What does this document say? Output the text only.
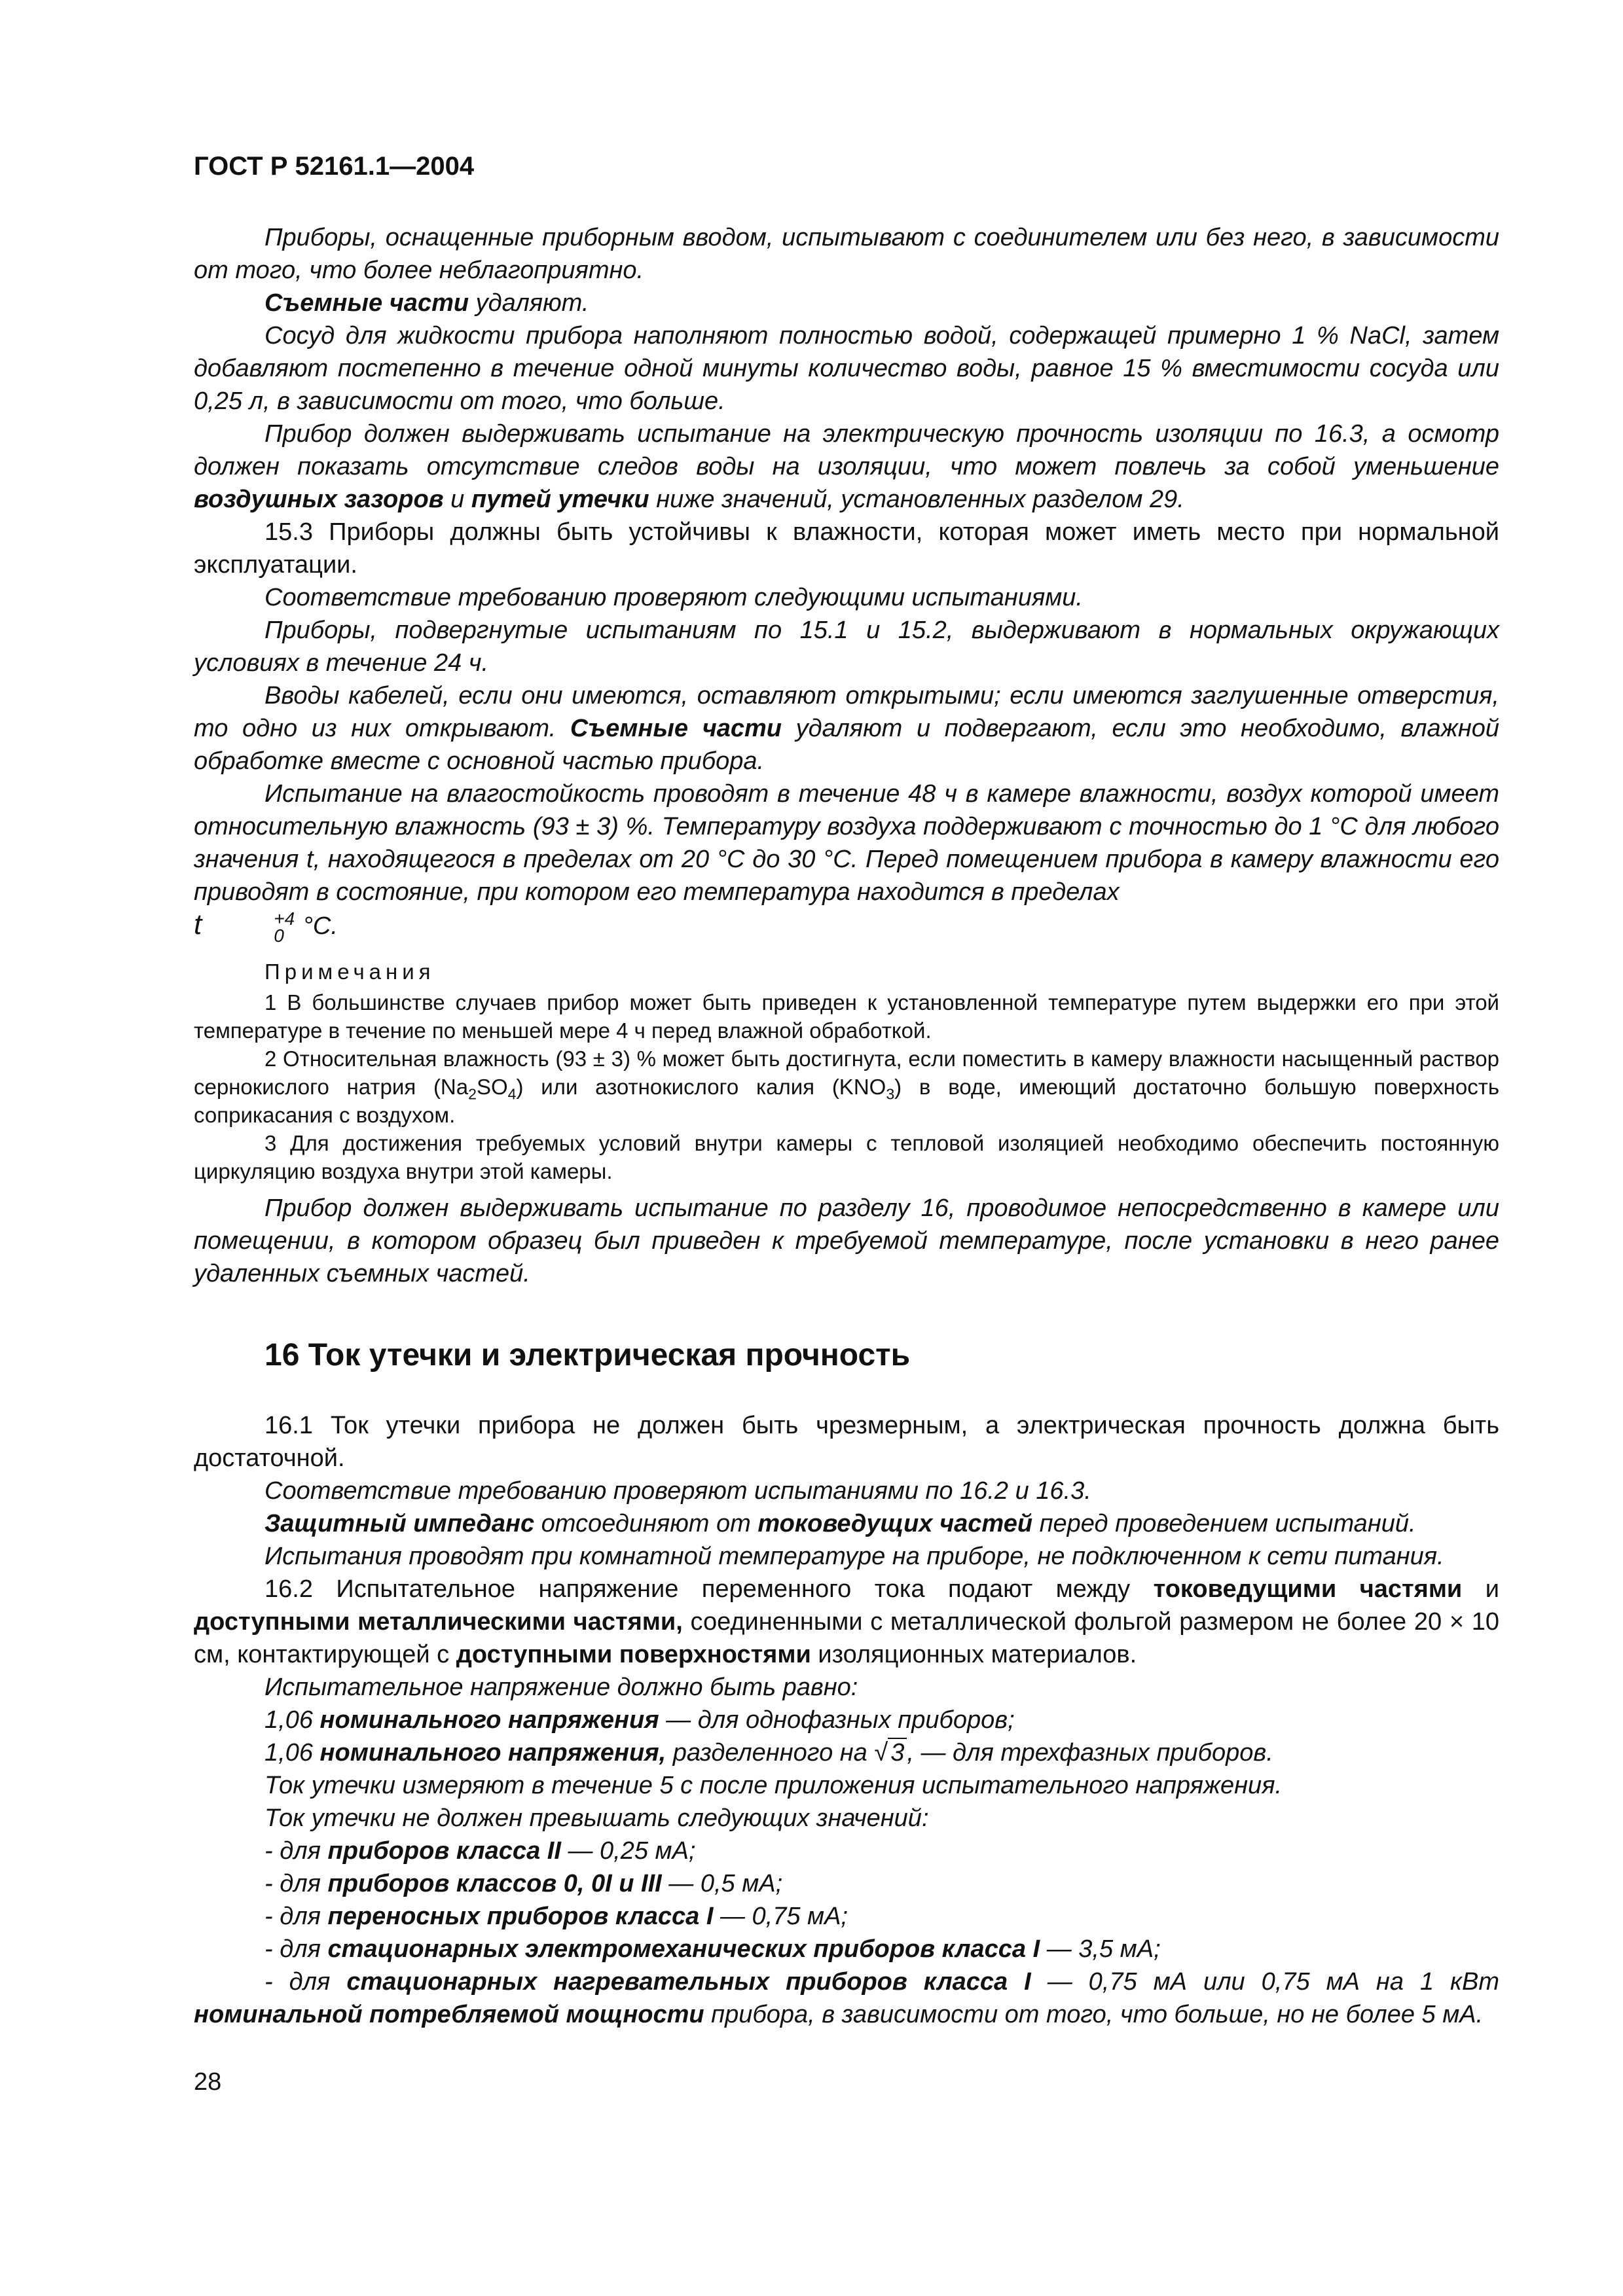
ГОСТ Р 52161.1—2004

Приборы, оснащенные приборным вводом, испытывают с соединителем или без него, в зависимости от того, что более неблагоприятно.

Съемные части удаляют.

Сосуд для жидкости прибора наполняют полностью водой, содержащей примерно 1 % NaCl, затем добавляют постепенно в течение одной минуты количество воды, равное 15 % вместимости сосуда или 0,25 л, в зависимости от того, что больше.

Прибор должен выдерживать испытание на электрическую прочность изоляции по 16.3, а осмотр должен показать отсутствие следов воды на изоляции, что может повлечь за собой уменьшение воздушных зазоров и путей утечки ниже значений, установленных разделом 29.

15.3 Приборы должны быть устойчивы к влажности, которая может иметь место при нормальной эксплуатации.

Соответствие требованию проверяют следующими испытаниями.

Приборы, подвергнутые испытаниям по 15.1 и 15.2, выдерживают в нормальных окружающих условиях в течение 24 ч.

Вводы кабелей, если они имеются, оставляют открытыми; если имеются заглушенные отверстия, то одно из них открывают. Съемные части удаляют и подвергают, если это необходимо, влажной обработке вместе с основной частью прибора.

Испытание на влагостойкость проводят в течение 48 ч в камере влажности, воздух которой имеет относительную влажность (93 ± 3) %. Температуру воздуха поддерживают с точностью до 1 °С для любого значения t, находящегося в пределах от 20 °С до 30 °С. Перед помещением прибора в камеру влажности его приводят в состояние, при котором его температура находится в пределах
t	+4
0 °С.

Примечания

1 В большинстве случаев прибор может быть приведен к установленной температуре путем выдержки его при этой температуре в течение по меньшей мере 4 ч перед влажной обработкой.

2 Относительная влажность (93 ± 3) % может быть достигнута, если поместить в камеру влажности насыщенный раствор сернокислого натрия $(Na_2SO_4)$ или азотнокислого калия $(KNO_3)$ в воде, имеющий достаточно большую поверхность соприкасания с воздухом.

3 Для достижения требуемых условий внутри камеры с тепловой изоляцией необходимо обеспечить постоянную циркуляцию воздуха внутри этой камеры.

Прибор должен выдерживать испытание по разделу 16, проводимое непосредственно в камере или помещении, в котором образец был приведен к требуемой температуре, после установки в него ранее удаленных съемных частей.

16 Ток утечки и электрическая прочность

16.1 Ток утечки прибора не должен быть чрезмерным, а электрическая прочность должна быть достаточной.

Соответствие требованию проверяют испытаниями по 16.2 и 16.3.

Защитный импеданс отсоединяют от токоведущих частей перед проведением испытаний.

Испытания проводят при комнатной температуре на приборе, не подключенном к сети питания.

16.2 Испытательное напряжение переменного тока подают между токоведущими частями и доступными металлическими частями, соединенными с металлической фольгой размером не более 20 × 10 см, контактирующей с доступными поверхностями изоляционных материалов.

Испытательное напряжение должно быть равно:

1,06 номинального напряжения — для однофазных приборов;

1,06 номинального напряжения, разделенного на √ 3 , — для трехфазных приборов.

Ток утечки измеряют в течение 5 с после приложения испытательного напряжения.

Ток утечки не должен превышать следующих значений:

- для приборов класса II — 0,25 мА;

- для приборов классов 0, 0I и III — 0,5 мА;

- для переносных приборов класса I — 0,75 мА;

- для стационарных электромеханических приборов класса I — 3,5 мА;

- для стационарных нагревательных приборов класса I — 0,75 мА или 0,75 мА на 1 кВт номинальной потребляемой мощности прибора, в зависимости от того, что больше, но не более 5 мА.

28
